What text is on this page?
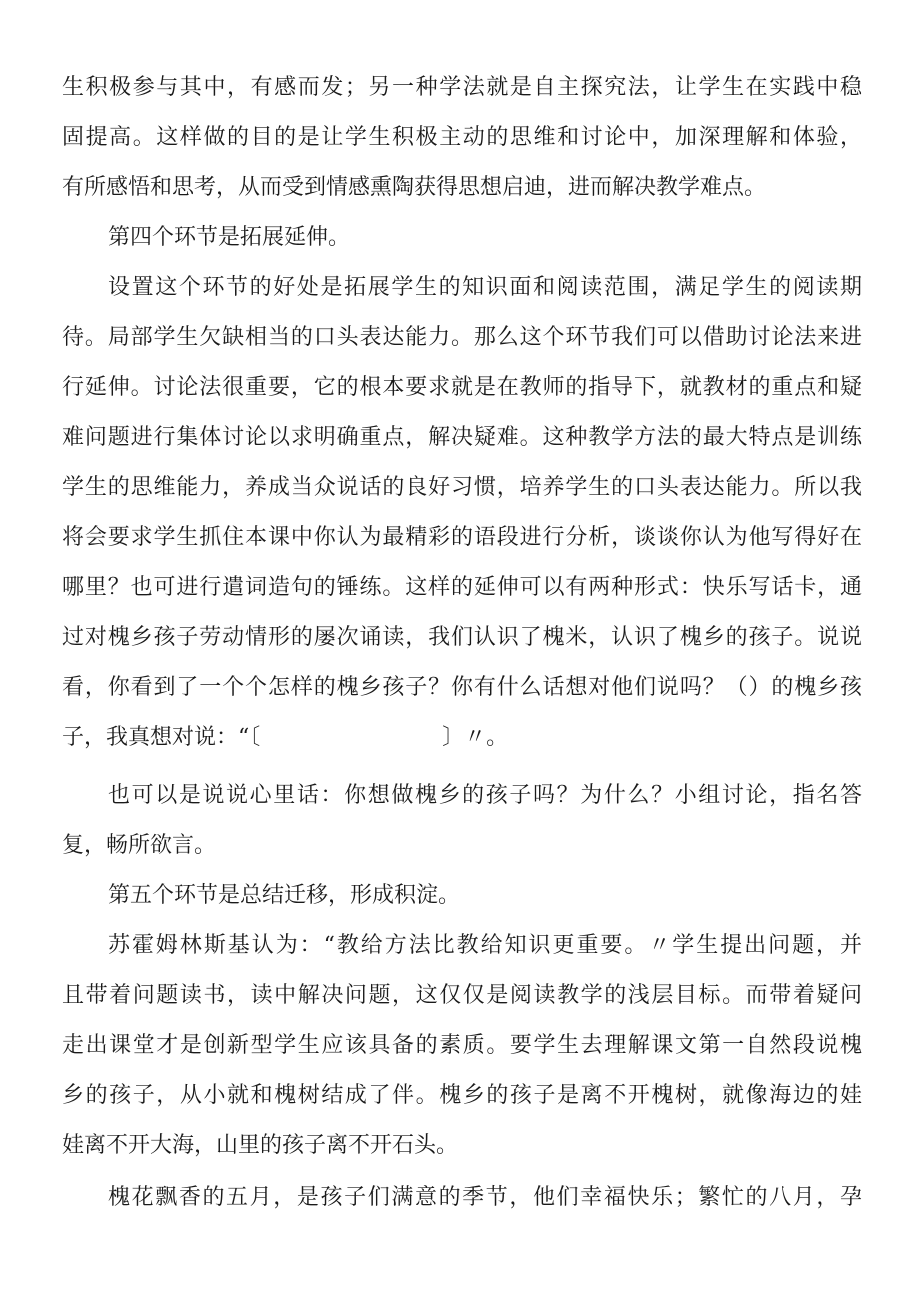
生积极参与其中，有感而发；另一种学法就是自主探究法，让学生在实践中稳
固提高。这样做的目的是让学生积极主动的思维和讨论中，加深理解和体验，
有所感悟和思考，从而受到情感熏陶获得思想启迪，进而解决教学难点。
第四个环节是拓展延伸。
设置这个环节的好处是拓展学生的知识面和阅读范围，满足学生的阅读期
待。局部学生欠缺相当的口头表达能力。那么这个环节我们可以借助讨论法来进
行延伸。讨论法很重要，它的根本要求就是在教师的指导下，就教材的重点和疑
难问题进行集体讨论以求明确重点，解决疑难。这种教学方法的最大特点是训练
学生的思维能力，养成当众说话的良好习惯，培养学生的口头表达能力。所以我
将会要求学生抓住本课中你认为最精彩的语段进行分析，谈谈你认为他写得好在
哪里？也可进行遣词造句的锤练。这样的延伸可以有两种形式：快乐写话卡，通
过对槐乡孩子劳动情形的屡次诵读，我们认识了槐米，认识了槐乡的孩子。说说
看，你看到了一个个怎样的槐乡孩子？你有什么话想对他们说吗？（）的槐乡孩
子，我真想对说：“〔                          〕〃。
也可以是说说心里话：你想做槐乡的孩子吗？为什么？小组讨论，指名答
复，畅所欲言。
第五个环节是总结迁移，形成积淀。
苏霍姆林斯基认为：“教给方法比教给知识更重要。〃学生提出问题，并
且带着问题读书，读中解决问题，这仅仅是阅读教学的浅层目标。而带着疑问
走出课堂才是创新型学生应该具备的素质。要学生去理解课文第一自然段说槐
乡的孩子，从小就和槐树结成了伴。槐乡的孩子是离不开槐树，就像海边的娃
娃离不开大海，山里的孩子离不开石头。
槐花飘香的五月，是孩子们满意的季节，他们幸福快乐；繁忙的八月，孕
